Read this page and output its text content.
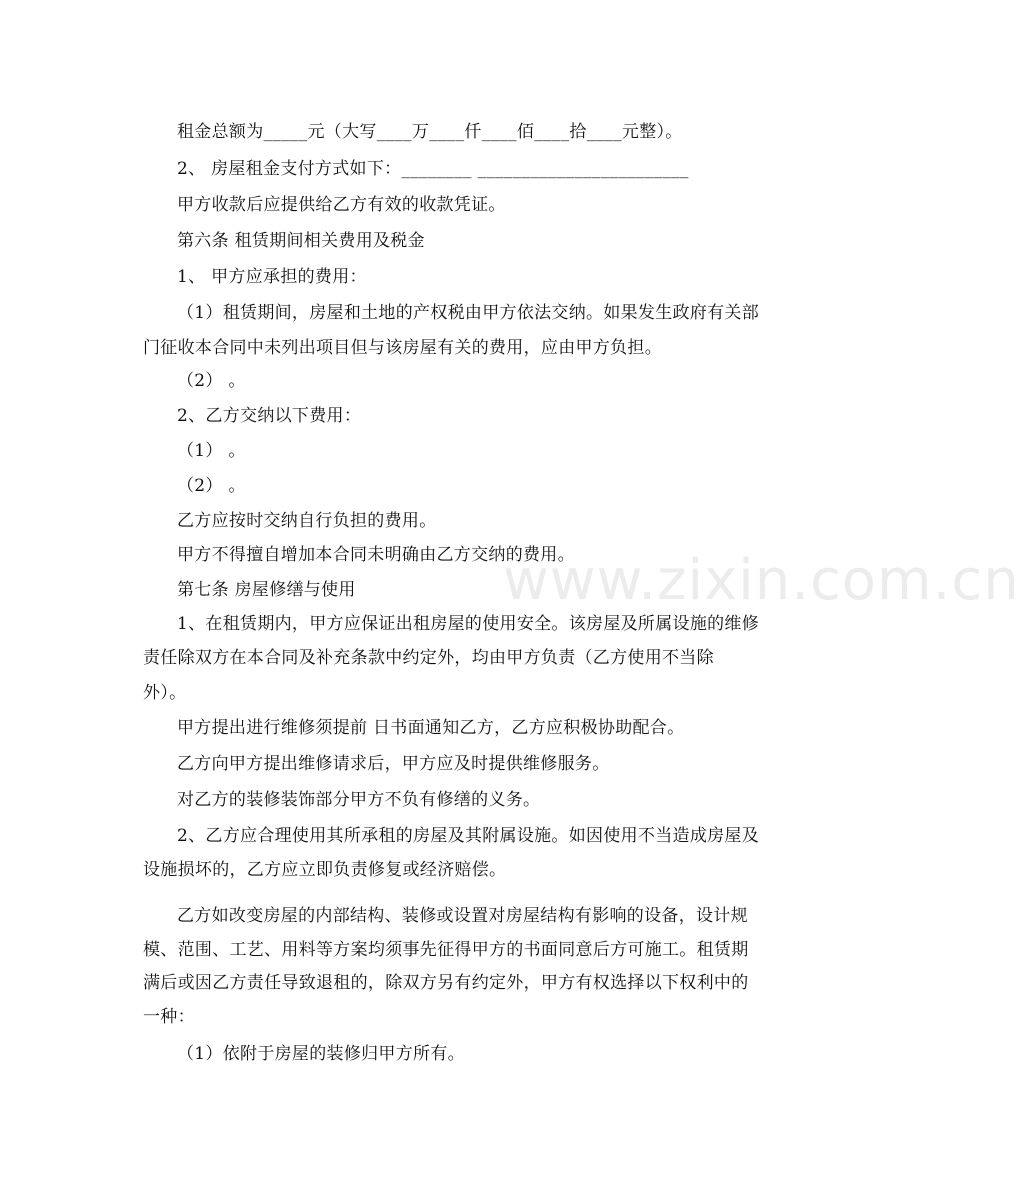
www.zixin.com.cn
租金总额为_____元（大写____万____仟____佰____拾____元整）。
2、 房屋租金支付方式如下：________ ________________________
甲方收款后应提供给乙方有效的收款凭证。
第六条 租赁期间相关费用及税金
1、 甲方应承担的费用：
（1）租赁期间，房屋和土地的产权税由甲方依法交纳。如果发生政府有关部
门征收本合同中未列出项目但与该房屋有关的费用，应由甲方负担。
（2） 。
2、乙方交纳以下费用：
（1） 。
（2） 。
乙方应按时交纳自行负担的费用。
甲方不得擅自增加本合同未明确由乙方交纳的费用。
第七条 房屋修缮与使用
1、在租赁期内，甲方应保证出租房屋的使用安全。该房屋及所属设施的维修
责任除双方在本合同及补充条款中约定外，均由甲方负责（乙方使用不当除
外）。
甲方提出进行维修须提前 日书面通知乙方，乙方应积极协助配合。
乙方向甲方提出维修请求后，甲方应及时提供维修服务。
对乙方的装修装饰部分甲方不负有修缮的义务。
2、乙方应合理使用其所承租的房屋及其附属设施。如因使用不当造成房屋及
设施损坏的，乙方应立即负责修复或经济赔偿。
乙方如改变房屋的内部结构、装修或设置对房屋结构有影响的设备，设计规
模、范围、工艺、用料等方案均须事先征得甲方的书面同意后方可施工。租赁期
满后或因乙方责任导致退租的，除双方另有约定外，甲方有权选择以下权利中的
一种：
（1）依附于房屋的装修归甲方所有。
